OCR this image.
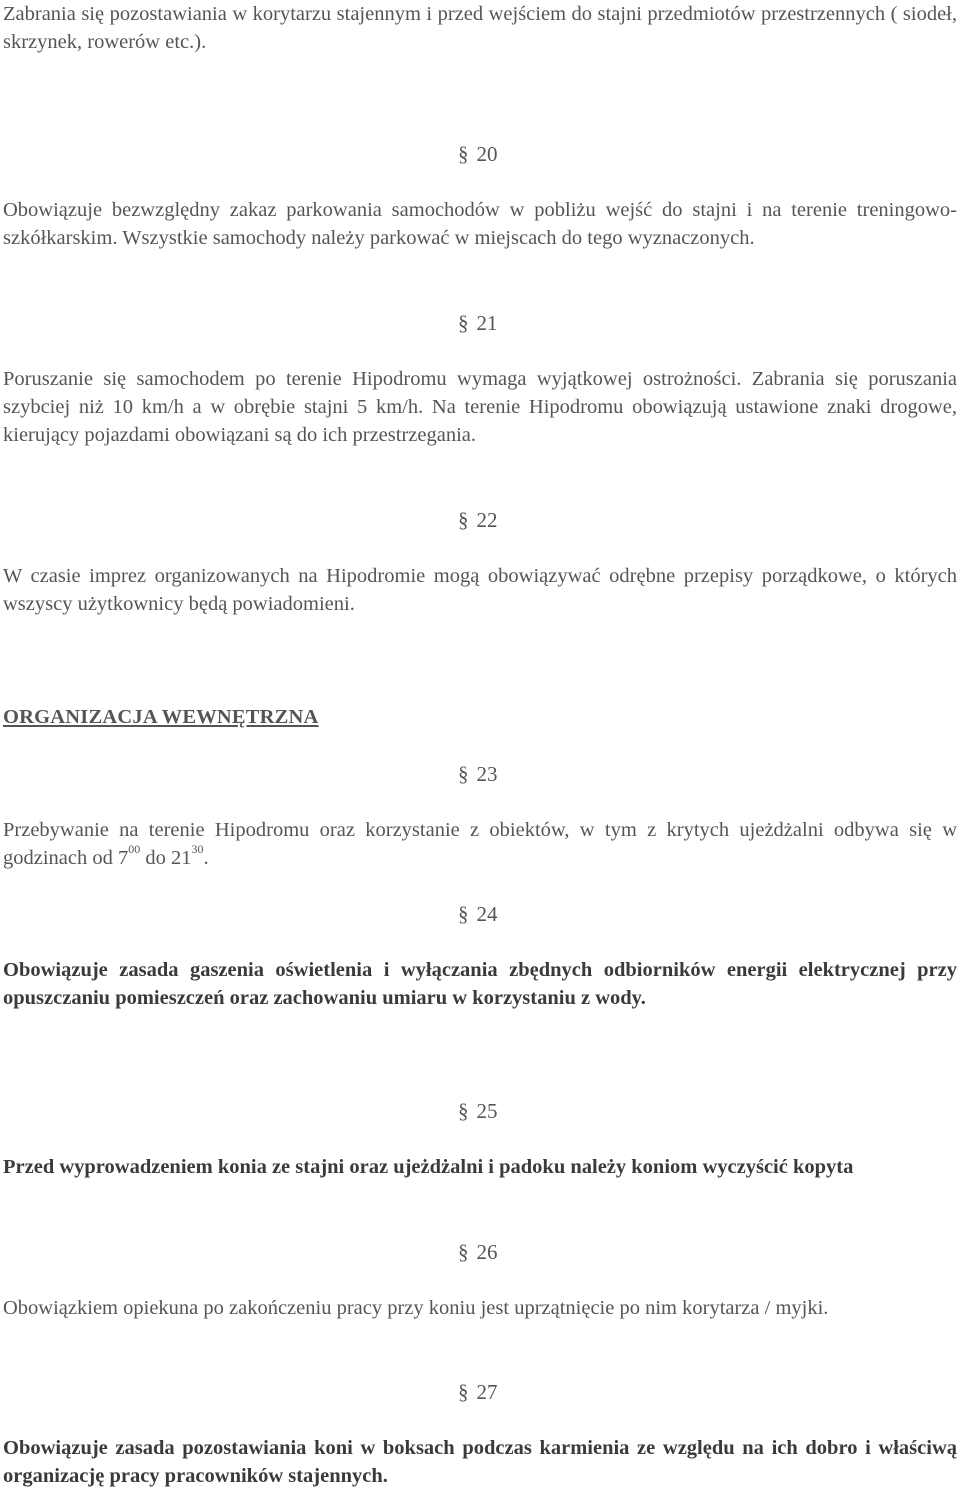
Zabrania się pozostawiania w korytarzu stajennym i przed wejściem do stajni przedmiotów przestrzennych ( siodeł, skrzynek, rowerów etc.).

§ 20

Obowiązuje bezwzględny zakaz parkowania samochodów w pobliżu wejść do stajni i na terenie treningowo-szkółkarskim. Wszystkie samochody należy parkować w miejscach do tego wyznaczonych.

§ 21

Poruszanie się samochodem po terenie Hipodromu wymaga wyjątkowej ostrożności. Zabrania się poruszania szybciej niż 10 km/h a w obrębie stajni 5 km/h. Na terenie Hipodromu obowiązują ustawione znaki drogowe, kierujący pojazdami obowiązani są do ich przestrzegania.

§ 22

W czasie imprez organizowanych na Hipodromie mogą obowiązywać odrębne przepisy porządkowe, o których wszyscy użytkownicy będą powiadomieni.

ORGANIZACJA WEWNĘTRZNA
§ 23

Przebywanie na terenie Hipodromu oraz korzystanie z obiektów, w tym z krytych ujeżdżalni odbywa się w godzinach od $7^{00}$ do $21^{30}$.

§ 24

Obowiązuje zasada gaszenia oświetlenia i wyłączania zbędnych odbiorników energii elektrycznej przy opuszczaniu pomieszczeń oraz zachowaniu umiaru w korzystaniu z wody.

§ 25

Przed wyprowadzeniem konia ze stajni oraz ujeżdżalni i padoku należy koniom wyczyścić kopyta

§ 26

Obowiązkiem opiekuna po zakończeniu pracy przy koniu jest uprzątnięcie po nim korytarza / myjki.

§ 27

Obowiązuje zasada pozostawiania koni w boksach podczas karmienia ze względu na ich dobro i właściwą organizację pracy pracowników stajennych.
